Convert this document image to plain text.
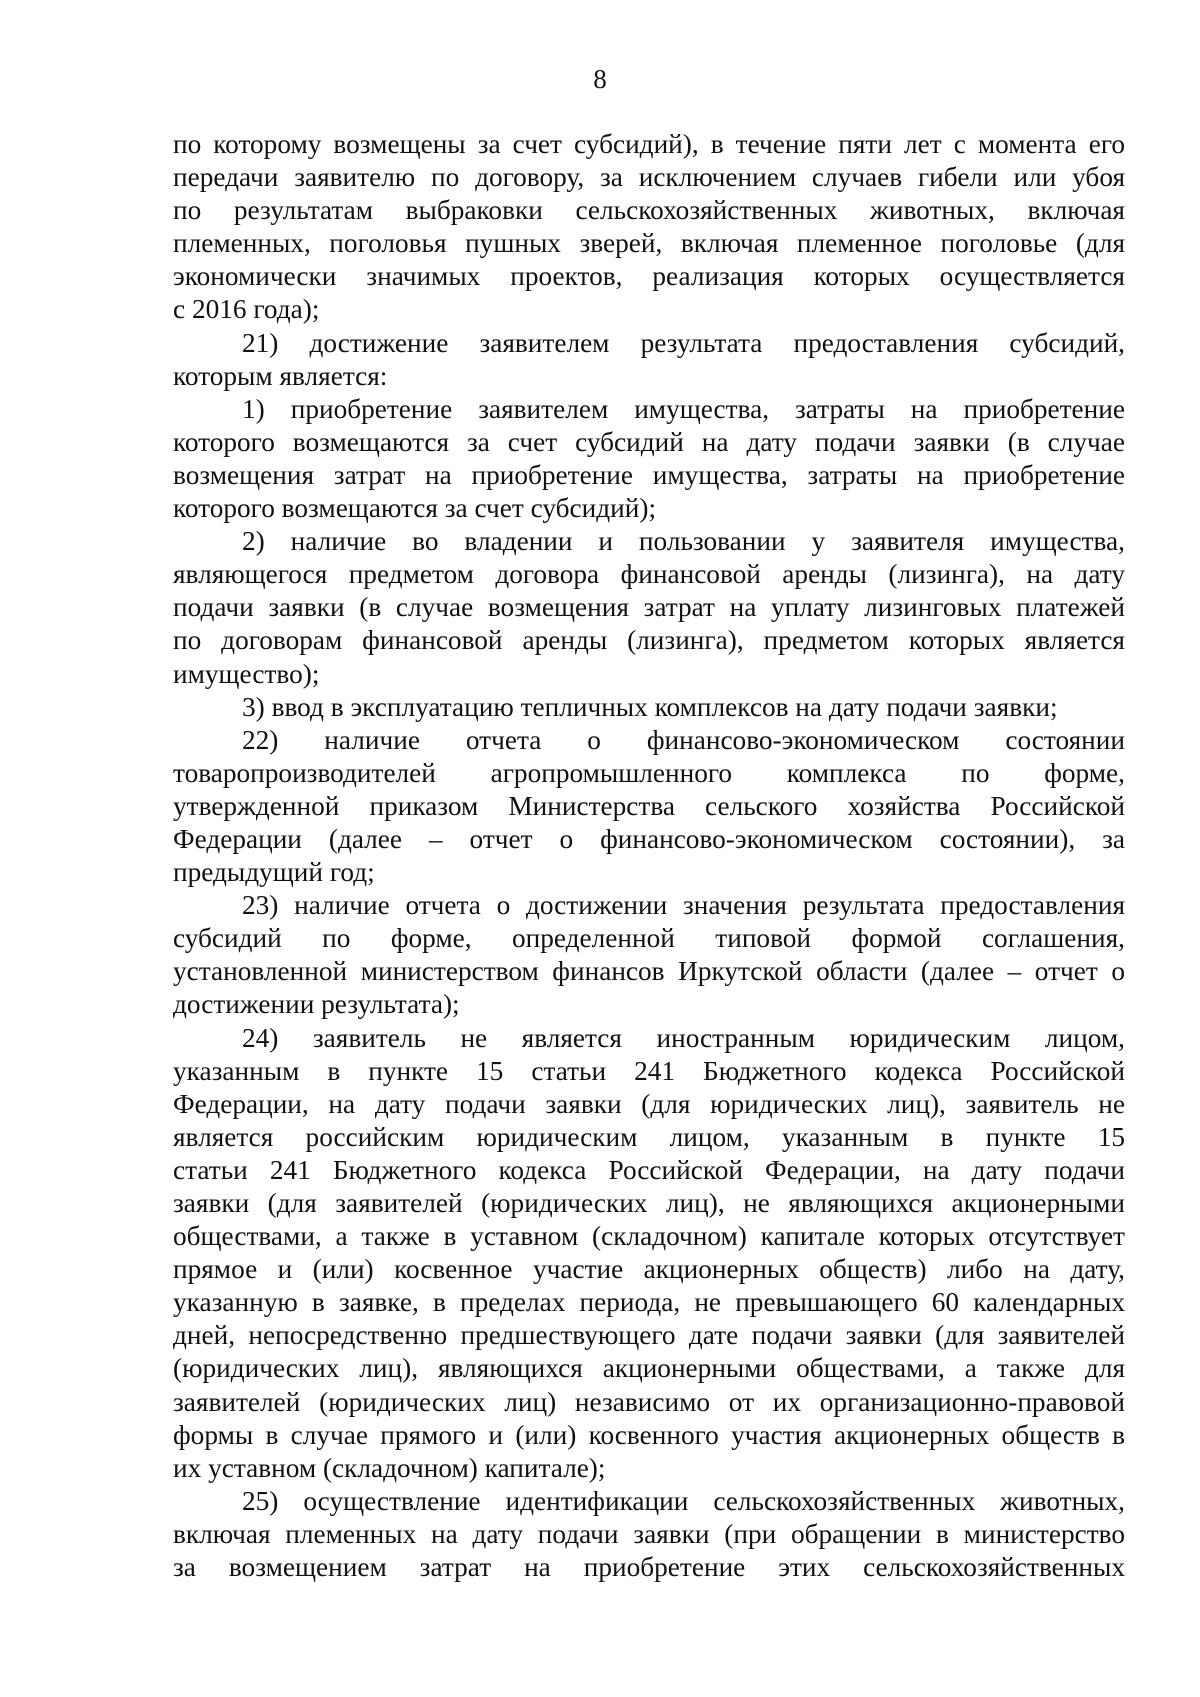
8
по которому возмещены за счет субсидий), в течение пяти лет с момента его
передачи заявителю по договору, за исключением случаев гибели или убоя
по результатам выбраковки сельскохозяйственных животных, включая
племенных, поголовья пушных зверей, включая племенное поголовье (для
экономически значимых проектов, реализация которых осуществляется
с 2016 года);
21) достижение заявителем результата предоставления субсидий,
которым является:
1) приобретение заявителем имущества, затраты на приобретение
которого возмещаются за счет субсидий на дату подачи заявки (в случае
возмещения затрат на приобретение имущества, затраты на приобретение
которого возмещаются за счет субсидий);
2) наличие во владении и пользовании у заявителя имущества,
являющегося предметом договора финансовой аренды (лизинга), на дату
подачи заявки (в случае возмещения затрат на уплату лизинговых платежей
по договорам финансовой аренды (лизинга), предметом которых является
имущество);
3) ввод в эксплуатацию тепличных комплексов на дату подачи заявки;
22) наличие отчета о финансово-экономическом состоянии
товаропроизводителей агропромышленного комплекса по форме,
утвержденной приказом Министерства сельского хозяйства Российской
Федерации (далее – отчет о финансово-экономическом состоянии), за
предыдущий год;
23) наличие отчета о достижении значения результата предоставления
субсидий по форме, определенной типовой формой соглашения,
установленной министерством финансов Иркутской области (далее – отчет о
достижении результата);
24) заявитель не является иностранным юридическим лицом,
указанным в пункте 15 статьи 241 Бюджетного кодекса Российской
Федерации, на дату подачи заявки (для юридических лиц), заявитель не
является российским юридическим лицом, указанным в пункте 15
статьи 241 Бюджетного кодекса Российской Федерации, на дату подачи
заявки (для заявителей (юридических лиц), не являющихся акционерными
обществами, а также в уставном (складочном) капитале которых отсутствует
прямое и (или) косвенное участие акционерных обществ) либо на дату,
указанную в заявке, в пределах периода, не превышающего 60 календарных
дней, непосредственно предшествующего дате подачи заявки (для заявителей
(юридических лиц), являющихся акционерными обществами, а также для
заявителей (юридических лиц) независимо от их организационно-правовой
формы в случае прямого и (или) косвенного участия акционерных обществ в
их уставном (складочном) капитале);
25) осуществление идентификации сельскохозяйственных животных,
включая племенных на дату подачи заявки (при обращении в министерство
за возмещением затрат на приобретение этих сельскохозяйственных
